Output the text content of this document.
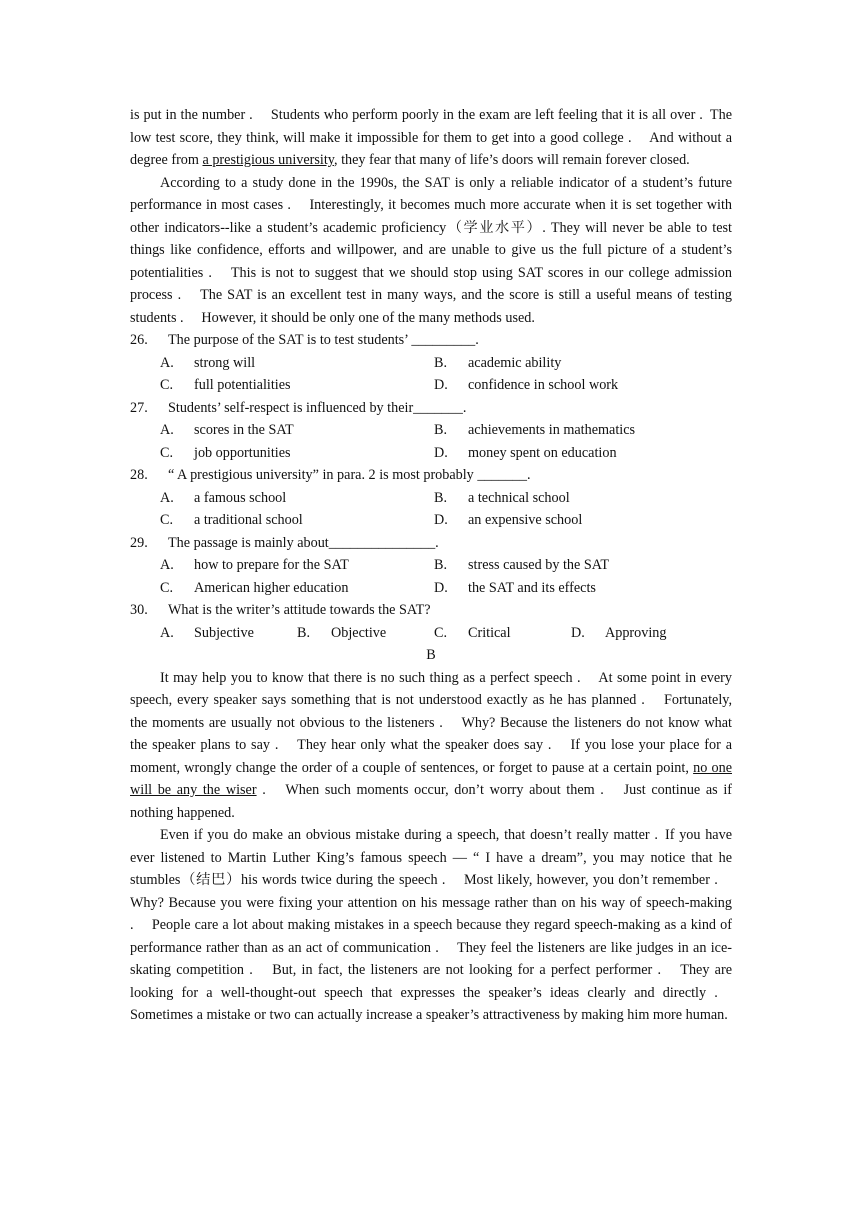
is put in the number .  Students who perform poorly in the exam are left feeling that it is all over . The low test score, they think, will make it impossible for them to get into a good college .  And without a degree from a prestigious university, they fear that many of life’s doors will remain forever closed.

According to a study done in the 1990s, the SAT is only a reliable indicator of a student’s future performance in most cases .  Interestingly, it becomes much more accurate when it is set together with other indicators--like a student’s academic proficiency（学业水平）. They will never be able to test things like confidence, efforts and willpower, and are unable to give us the full picture of a student’s potentialities .  This is not to suggest that we should stop using SAT scores in our college admission process .  The SAT is an excellent test in many ways, and the score is still a useful means of testing students .  However, it should be only one of the many methods used.

26.	The purpose of the SAT is to test students’ _________.
A.	strong will	B.	academic ability
C.	full potentialities	D.	confidence in school work
27.	Students’ self-respect is influenced by their_______.
A.	scores in the SAT	B.	achievements in mathematics
C.	job opportunities	D.	money spent on education
28.	“ A prestigious university” in para. 2 is most probably _______.
A.	a famous school	B.	a technical school
C.	a traditional school	D.	an expensive school
29.	The passage is mainly about_______________.
A.	how to prepare for the SAT	B.	stress caused by the SAT
C.	American higher education	D.	the SAT and its effects
30.	What is the writer’s attitude towards the SAT?
A.	Subjective	B.	Objective	C.	Critical	D.	Approving
B

It may help you to know that there is no such thing as a perfect speech .  At some point in every speech, every speaker says something that is not understood exactly as he has planned .  Fortunately, the moments are usually not obvious to the listeners .  Why? Because the listeners do not know what the speaker plans to say .  They hear only what the speaker does say .  If you lose your place for a moment, wrongly change the order of a couple of sentences, or forget to pause at a certain point, no one will be any the wiser .  When such moments occur, don’t worry about them .  Just continue as if nothing happened.

Even if you do make an obvious mistake during a speech, that doesn’t really matter . If you have ever listened to Martin Luther King’s famous speech — “ I have a dream”, you may notice that he stumbles（结巴）his words twice during the speech .  Most likely, however, you don’t remember .  Why? Because you were fixing your attention on his message rather than on his way of speech-making .  People care a lot about making mistakes in a speech because they regard speech-making as a kind of performance rather than as an act of communication .  They feel the listeners are like judges in an ice-skating competition .  But, in fact, the listeners are not looking for a perfect performer .  They are looking for a well-thought-out speech that expresses the speaker’s ideas clearly and directly .  Sometimes a mistake or two can actually increase a speaker’s attractiveness by making him more human.
